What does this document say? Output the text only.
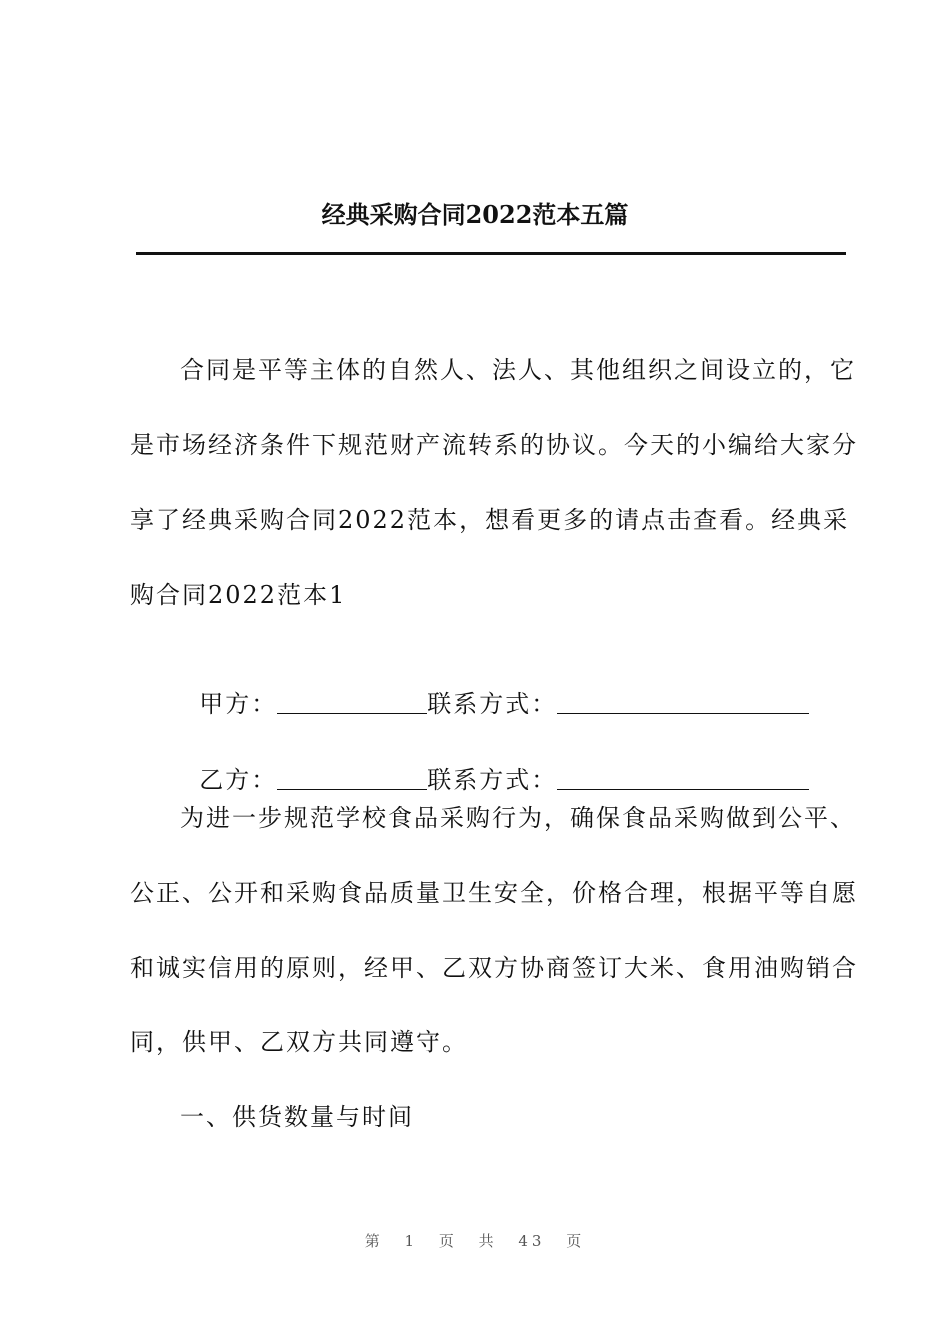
经典采购合同2022范本五篇
合同是平等主体的自然人、法人、其他组织之间设立的，它
是市场经济条件下规范财产流转系的协议。今天的小编给大家分
享了经典采购合同2022范本，想看更多的请点击查看。经典采
购合同2022范本1

甲方：	联系方式：

乙方：	联系方式：

为进一步规范学校食品采购行为，确保食品采购做到公平、
公正、公开和采购食品质量卫生安全，价格合理，根据平等自愿
和诚实信用的原则，经甲、乙双方协商签订大米、食用油购销合
同，供甲、乙双方共同遵守。
一、供货数量与时间
第 1 页 共 43 页
